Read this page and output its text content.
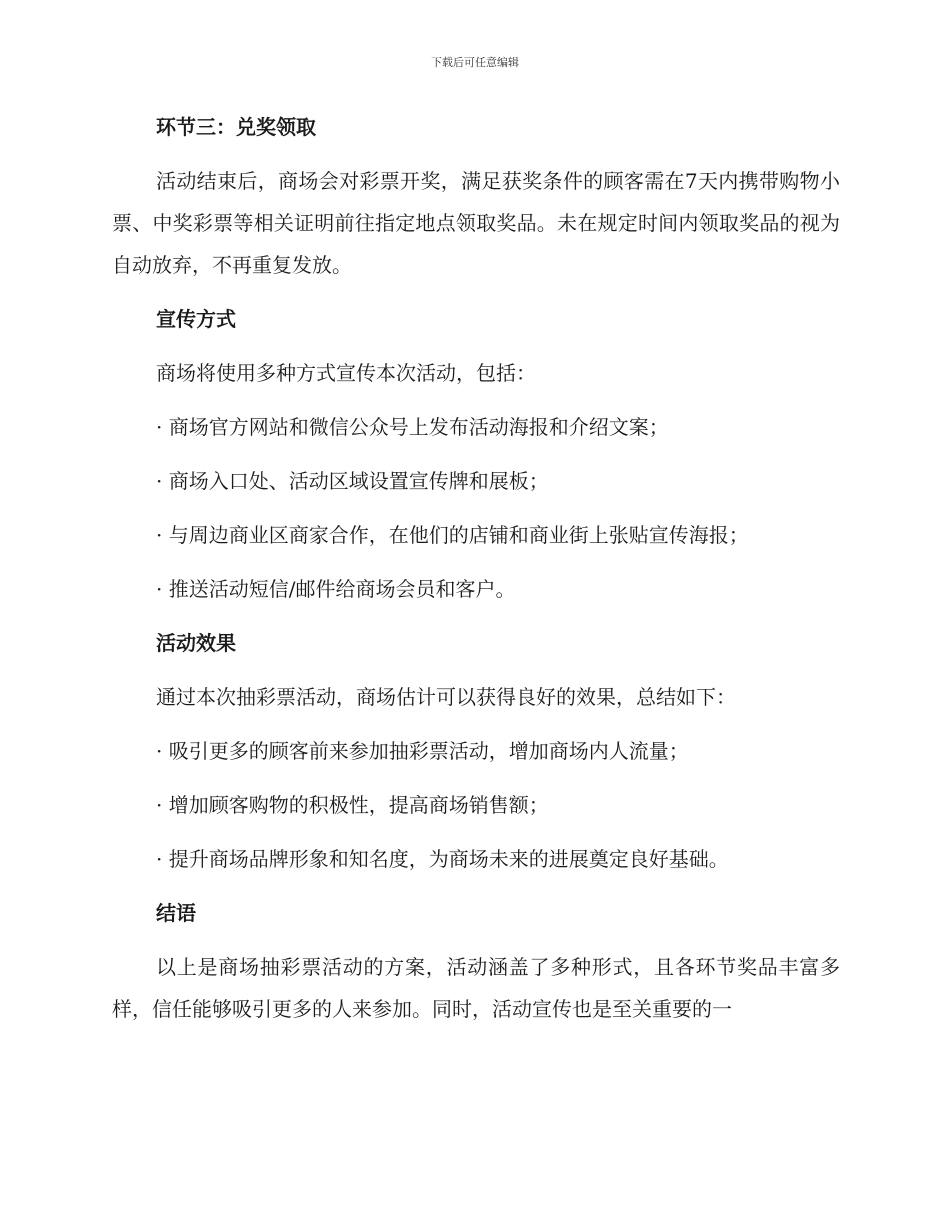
下载后可任意编辑
环节三：兑奖领取
活动结束后，商场会对彩票开奖，满足获奖条件的顾客需在7天内携带购物小票、中奖彩票等相关证明前往指定地点领取奖品。未在规定时间内领取奖品的视为自动放弃，不再重复发放。
宣传方式
商场将使用多种方式宣传本次活动，包括：
· 商场官方网站和微信公众号上发布活动海报和介绍文案；
· 商场入口处、活动区域设置宣传牌和展板；
· 与周边商业区商家合作，在他们的店铺和商业街上张贴宣传海报；
· 推送活动短信/邮件给商场会员和客户。
活动效果
通过本次抽彩票活动，商场估计可以获得良好的效果，总结如下：
· 吸引更多的顾客前来参加抽彩票活动，增加商场内人流量；
· 增加顾客购物的积极性，提高商场销售额；
· 提升商场品牌形象和知名度，为商场未来的进展奠定良好基础。
结语
以上是商场抽彩票活动的方案，活动涵盖了多种形式，且各环节奖品丰富多样，信任能够吸引更多的人来参加。同时，活动宣传也是至关重要的一
